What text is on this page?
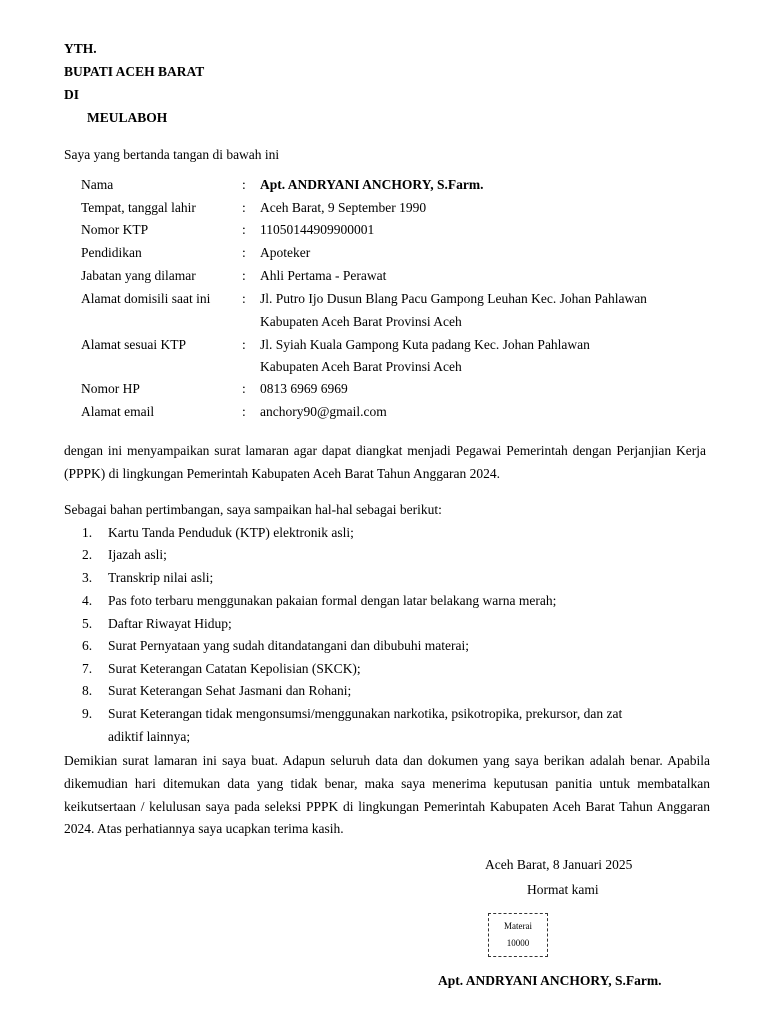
YTH.
BUPATI ACEH BARAT
DI
MEULABOH
Saya yang bertanda tangan di bawah ini
Nama	: Apt. ANDRYANI ANCHORY, S.Farm.
Tempat, tanggal lahir	: Aceh Barat, 9 September 1990
Nomor KTP	: 11050144909900001
Pendidikan	: Apoteker
Jabatan yang dilamar	: Ahli Pertama - Perawat
Alamat domisili saat ini : Jl. Putro Ijo Dusun Blang Pacu Gampong Leuhan Kec. Johan Pahlawan
Kabupaten Aceh Barat Provinsi Aceh
Alamat sesuai KTP	: Jl. Syiah Kuala Gampong Kuta padang Kec. Johan Pahlawan
Kabupaten Aceh Barat Provinsi Aceh
Nomor HP	: 0813 6969 6969
Alamat email	: anchory90@gmail.com
dengan ini menyampaikan surat lamaran agar dapat diangkat menjadi Pegawai Pemerintah dengan Perjanjian Kerja (PPPK) di lingkungan Pemerintah Kabupaten Aceh Barat Tahun Anggaran 2024.
Sebagai bahan pertimbangan, saya sampaikan hal-hal sebagai berikut:
1. Kartu Tanda Penduduk (KTP) elektronik asli;
2. Ijazah asli;
3. Transkrip nilai asli;
4. Pas foto terbaru menggunakan pakaian formal dengan latar belakang warna merah;
5. Daftar Riwayat Hidup;
6. Surat Pernyataan yang sudah ditandatangani dan dibubuhi materai;
7. Surat Keterangan Catatan Kepolisian (SKCK);
8. Surat Keterangan Sehat Jasmani dan Rohani;
9. Surat Keterangan tidak mengonsumsi/menggunakan narkotika, psikotropika, prekursor, dan zat
adiktif lainnya;
Demikian surat lamaran ini saya buat. Adapun seluruh data dan dokumen yang saya berikan adalah benar. Apabila dikemudian hari ditemukan data yang tidak benar, maka saya menerima keputusan panitia untuk membatalkan keikutsertaan / kelulusan saya pada seleksi PPPK di lingkungan Pemerintah Kabupaten Aceh Barat Tahun Anggaran 2024. Atas perhatiannya saya ucapkan terima kasih.
Aceh Barat, 8 Januari 2025
Hormat kami
Materai
10000
Apt. ANDRYANI ANCHORY, S.Farm.
